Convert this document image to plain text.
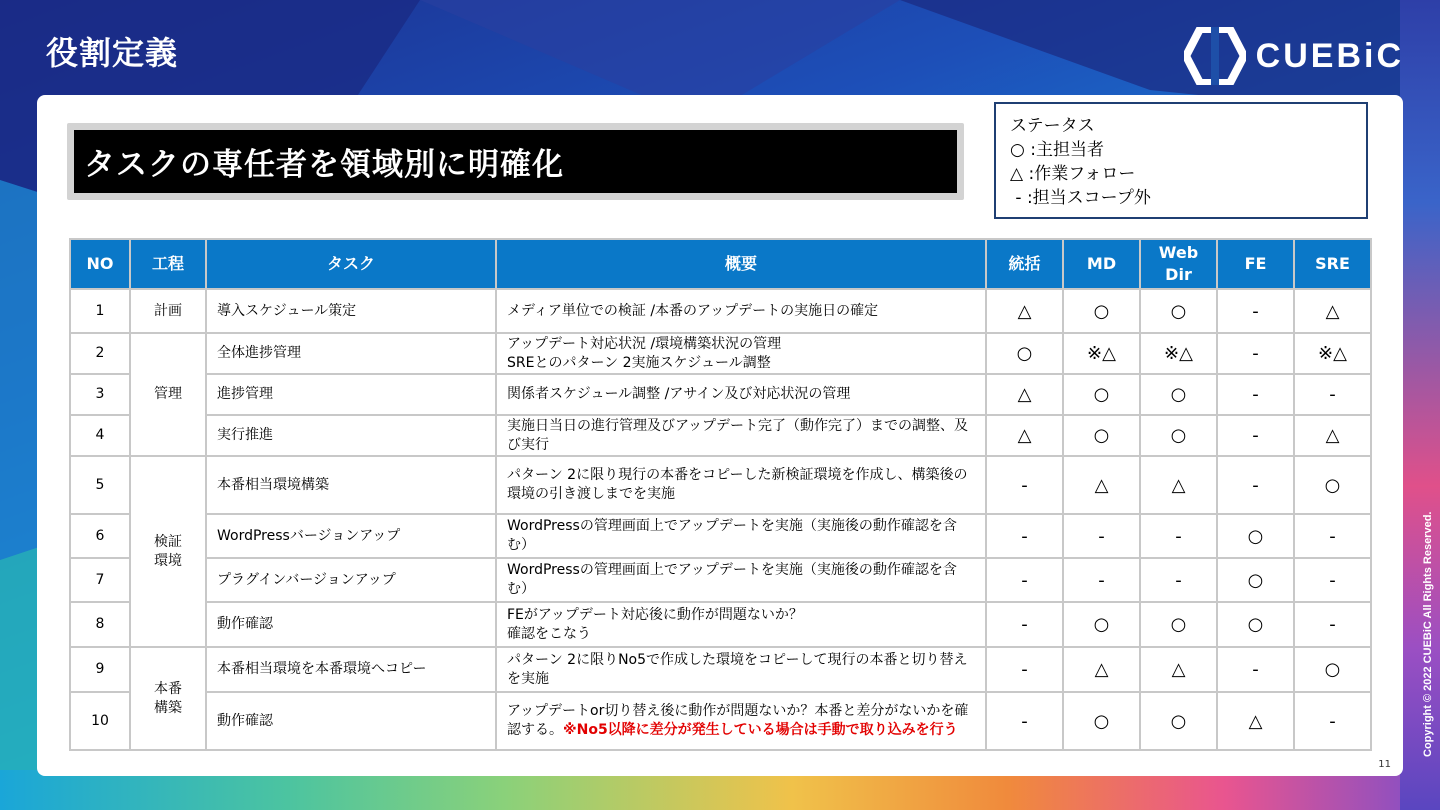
役割定義	CUEBiC
Copyright © 2022 CUEBiC All Rights Reserved.
タスクの専任者を領域別に明確化
ステータス
○ :主担当者
△ :作業フォロー
- :担当スコープ外
NO	工程	タスク	概要	統括	MD	Web Dir	FE	SRE
1	計画	導入スケジュール策定	メディア単位での検証 /本番のアップデートの実施日の確定	△	○	○	‐	△
2	管理	全体進捗管理	アップデート対応状況 /環境構築状況の管理
SREとのパターン 2実施スケジュール調整	○	※△	※△	‐	※△
3		進捗管理	関係者スケジュール調整 /アサイン及び対応状況の管理	△	○	○	‐	‐
4		実行推進	実施日当日の進行管理及びアップデート完了（動作完了）までの調整、及び実行	△	○	○	‐	△
5	検証
環境	本番相当環境構築	パターン 2に限り現行の本番をコピーした新検証環境を作成し、構築後の環境の引き渡しまでを実施	‐	△	△	‐	○
6		WordPressバージョンアップ	WordPressの管理画面上でアップデートを実施（実施後の動作確認を含む）	‐	‐	‐	○	‐
7		プラグインバージョンアップ	WordPressの管理画面上でアップデートを実施（実施後の動作確認を含む）	‐	‐	‐	○	‐
8		動作確認	FEがアップデート対応後に動作が問題ないか？
確認をこなう	‐	○	○	○	‐
9	本番
構築	本番相当環境を本番環境へコピー	パターン 2に限りNo5で作成した環境をコピーして現行の本番と切り替えを実施	‐	△	△	‐	○
10		動作確認	アップデートor切り替え後に動作が問題ないか？本番と差分がないかを確認する。※No5以降に差分が発生している場合は手動で取り込みを行う	‐	○	○	△	‐
11
